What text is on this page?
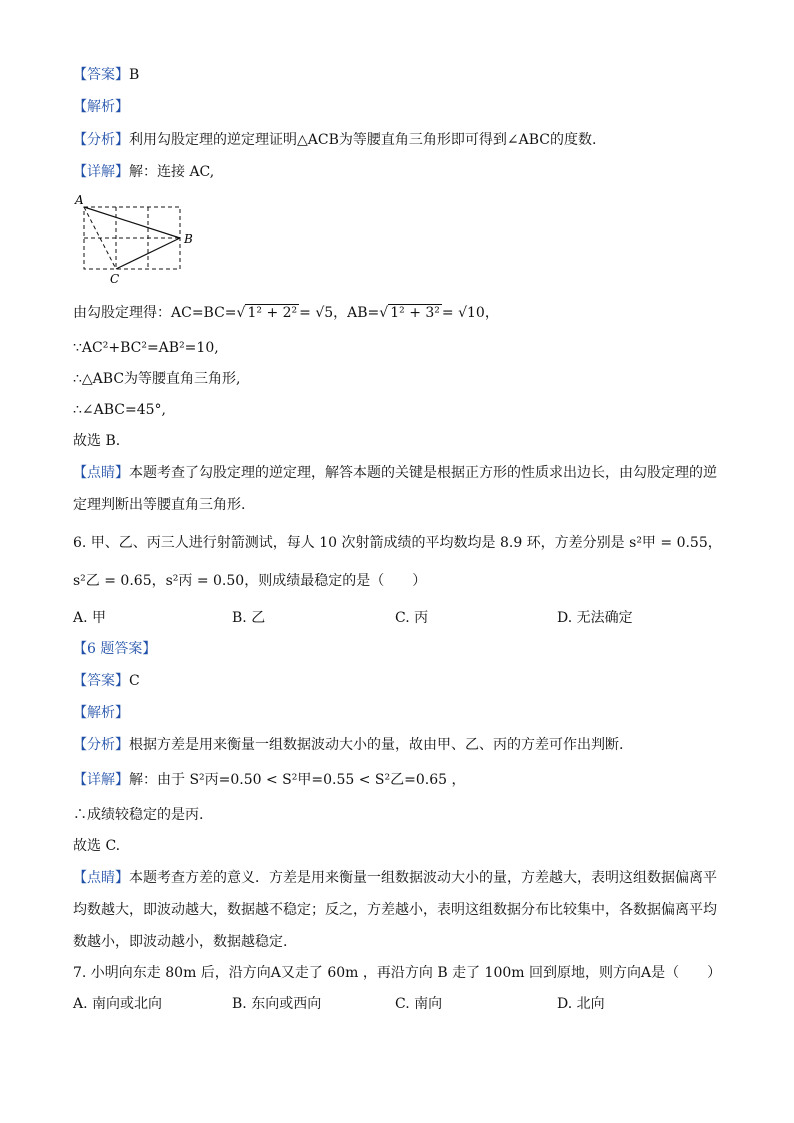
【答案】B
【解析】
【分析】利用勾股定理的逆定理证明△ACB为等腰直角三角形即可得到∠ABC的度数.
【详解】解：连接 AC,
A
B
C
由勾股定理得：AC=BC=√ 1² + 2² = √5，AB=√ 1² + 3² = √10，
∵AC²+BC²=AB²=10,
∴△ABC为等腰直角三角形,
∴∠ABC=45°,
故选 B.
【点睛】本题考查了勾股定理的逆定理，解答本题的关键是根据正方形的性质求出边长，由勾股定理的逆
定理判断出等腰直角三角形.
6. 甲、乙、丙三人进行射箭测试，每人 10 次射箭成绩的平均数均是 8.9 环，方差分别是 s²甲 = 0.55，
s²乙 = 0.65，s²丙 = 0.50，则成绩最稳定的是（　　）
A. 甲	B. 乙	C. 丙	D. 无法确定
【6 题答案】
【答案】C
【解析】
【分析】根据方差是用来衡量一组数据波动大小的量，故由甲、乙、丙的方差可作出判断.
【详解】解：由于 S²丙=0.50 < S²甲=0.55 < S²乙=0.65 ，
∴成绩较稳定的是丙.
故选 C.
【点睛】本题考查方差的意义．方差是用来衡量一组数据波动大小的量，方差越大，表明这组数据偏离平
均数越大，即波动越大，数据越不稳定；反之，方差越小，表明这组数据分布比较集中，各数据偏离平均
数越小，即波动越小，数据越稳定.
7. 小明向东走 80m 后，沿方向A又走了 60m ，再沿方向 B 走了 100m 回到原地，则方向A是（　　）
A. 南向或北向	B. 东向或西向	C. 南向	D. 北向
